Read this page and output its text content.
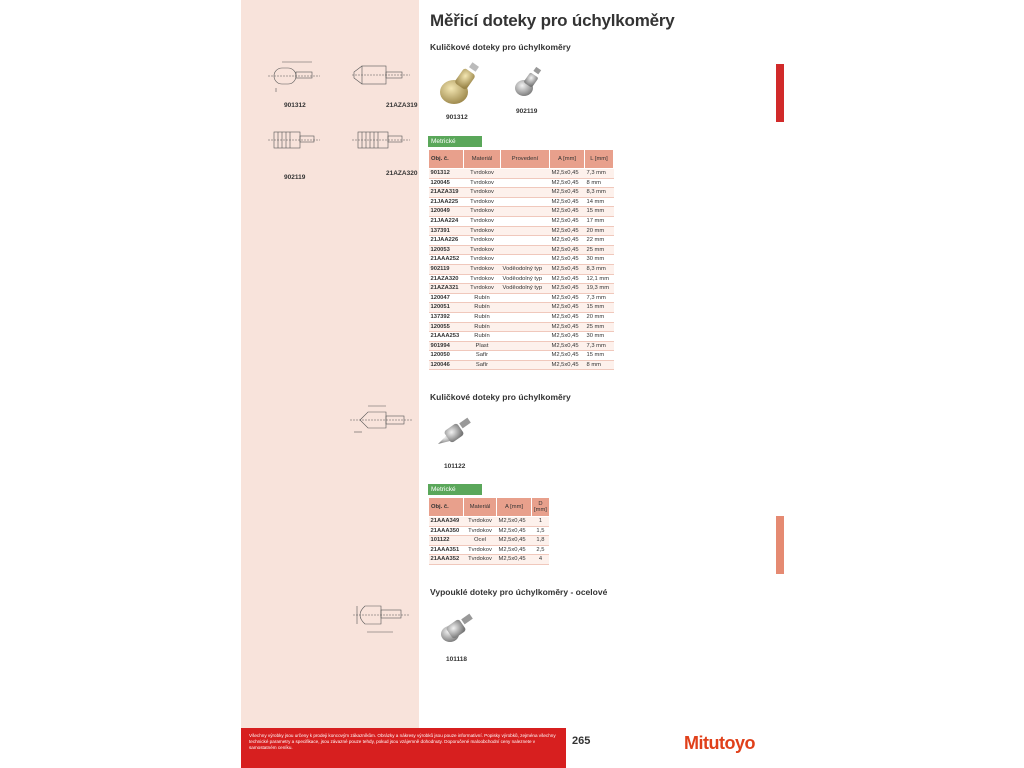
Měřicí doteky pro úchylkoměry
Kuličkové doteky pro úchylkoměry
901312	21AZA319
902119
21AZA320
901312
902119
Metrické
Obj. č.	Materiál	Provedení	A [mm]	L [mm]
901312	Tvrdokov		M2,5x0,45	7,3 mm
120045	Tvrdokov		M2,5x0,45	8 mm
21AZA319	Tvrdokov		M2,5x0,45	8,3 mm
21JAA225	Tvrdokov		M2,5x0,45	14 mm
120049	Tvrdokov		M2,5x0,45	15 mm
21JAA224	Tvrdokov		M2,5x0,45	17 mm
137391	Tvrdokov		M2,5x0,45	20 mm
21JAA226	Tvrdokov		M2,5x0,45	22 mm
120053	Tvrdokov		M2,5x0,45	25 mm
21AAA252	Tvrdokov		M2,5x0,45	30 mm
902119	Tvrdokov	Voděodolný typ	M2,5x0,45	8,3 mm
21AZA320	Tvrdokov	Voděodolný typ	M2,5x0,45	12,1 mm
21AZA321	Tvrdokov	Voděodolný typ	M2,5x0,45	19,3 mm
120047	Rubín		M2,5x0,45	7,3 mm
120051	Rubín		M2,5x0,45	15 mm
137392	Rubín		M2,5x0,45	20 mm
120055	Rubín		M2,5x0,45	25 mm
21AAA253	Rubín		M2,5x0,45	30 mm
901994	Plast		M2,5x0,45	7,3 mm
120050	Safír		M2,5x0,45	15 mm
120046	Safír		M2,5x0,45	8 mm
Kuličkové doteky pro úchylkoměry
101122
Metrické
Obj. č.	Materiál	A [mm]	D [mm]
21AAA349	Tvrdokov	M2,5x0,45	1
21AAA350	Tvrdokov	M2,5x0,45	1,5
101122	Ocel	M2,5x0,45	1,8
21AAA351	Tvrdokov	M2,5x0,45	2,5
21AAA352	Tvrdokov	M2,5x0,45	4
Vypouklé doteky pro úchylkoměry - ocelové
101118
Všechny výrobky jsou určeny k prodeji koncovým zákazníkům. Obrázky a nákresy výrobků jsou pouze informativní. Popisky výrobků, zejména všechny technické parametry a specifikace, jsou závazné pouze tehdy, pokud jsou vzájemně dohodnuty. Doporučené maloobchodní ceny naleznete v samostatném ceníku.
265	Mitutoyo
